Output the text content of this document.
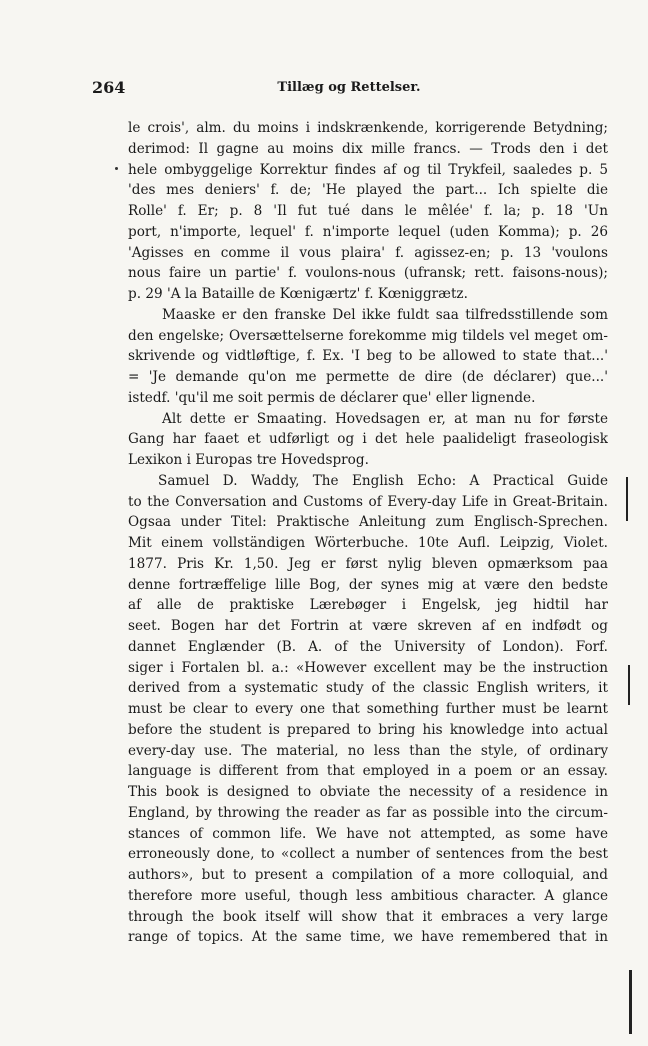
264	Tillæg og Rettelser.
le crois', alm. du moins i indskrænkende, korrigerende Betydning;
derimod: Il gagne au moins dix mille francs. — Trods den i det
hele ombyggelige Korrektur findes af og til Trykfeil, saaledes p. 5
'des mes deniers' f. de; 'He played the part... Ich spielte die
Rolle' f. Er; p. 8 'Il fut tué dans le mêlée' f. la; p. 18 'Un
port, n'importe, lequel' f. n'importe lequel (uden Komma); p. 26
'Agisses en comme il vous plaira' f. agissez-en; p. 13 'voulons
nous faire un partie' f. voulons-nous (ufransk; rett. faisons-nous);
p. 29 'A la Bataille de Kœnigærtz' f. Kœniggrætz.
Maaske er den franske Del ikke fuldt saa tilfredsstillende som
den engelske; Oversættelserne forekomme mig tildels vel meget om-
skrivende og vidtløftige, f. Ex. 'I beg to be allowed to state that...'
= 'Je demande qu'on me permette de dire (de déclarer) que...'
istedf. 'qu'il me soit permis de déclarer que' eller lignende.
Alt dette er Smaating. Hovedsagen er, at man nu for første
Gang har faaet et udførligt og i det hele paalideligt fraseologisk
Lexikon i Europas tre Hovedsprog.
Samuel D. Waddy, The English Echo: A Practical Guide
to the Conversation and Customs of Every-day Life in Great-Britain.
Ogsaa under Titel: Praktische Anleitung zum Englisch-Sprechen.
Mit einem vollständigen Wörterbuche. 10te Aufl. Leipzig, Violet.
1877. Pris Kr. 1,50. Jeg er først nylig bleven opmærksom paa
denne fortræffelige lille Bog, der synes mig at være den bedste
af alle de praktiske Lærebøger i Engelsk, jeg hidtil har
seet. Bogen har det Fortrin at være skreven af en indfødt og
dannet Englænder (B. A. of the University of London). Forf.
siger i Fortalen bl. a.: «However excellent may be the instruction
derived from a systematic study of the classic English writers, it
must be clear to every one that something further must be learnt
before the student is prepared to bring his knowledge into actual
every-day use. The material, no less than the style, of ordinary
language is different from that employed in a poem or an essay.
This book is designed to obviate the necessity of a residence in
England, by throwing the reader as far as possible into the circum-
stances of common life. We have not attempted, as some have
erroneously done, to «collect a number of sentences from the best
authors», but to present a compilation of a more colloquial, and
therefore more useful, though less ambitious character. A glance
through the book itself will show that it embraces a very large
range of topics. At the same time, we have remembered that in
